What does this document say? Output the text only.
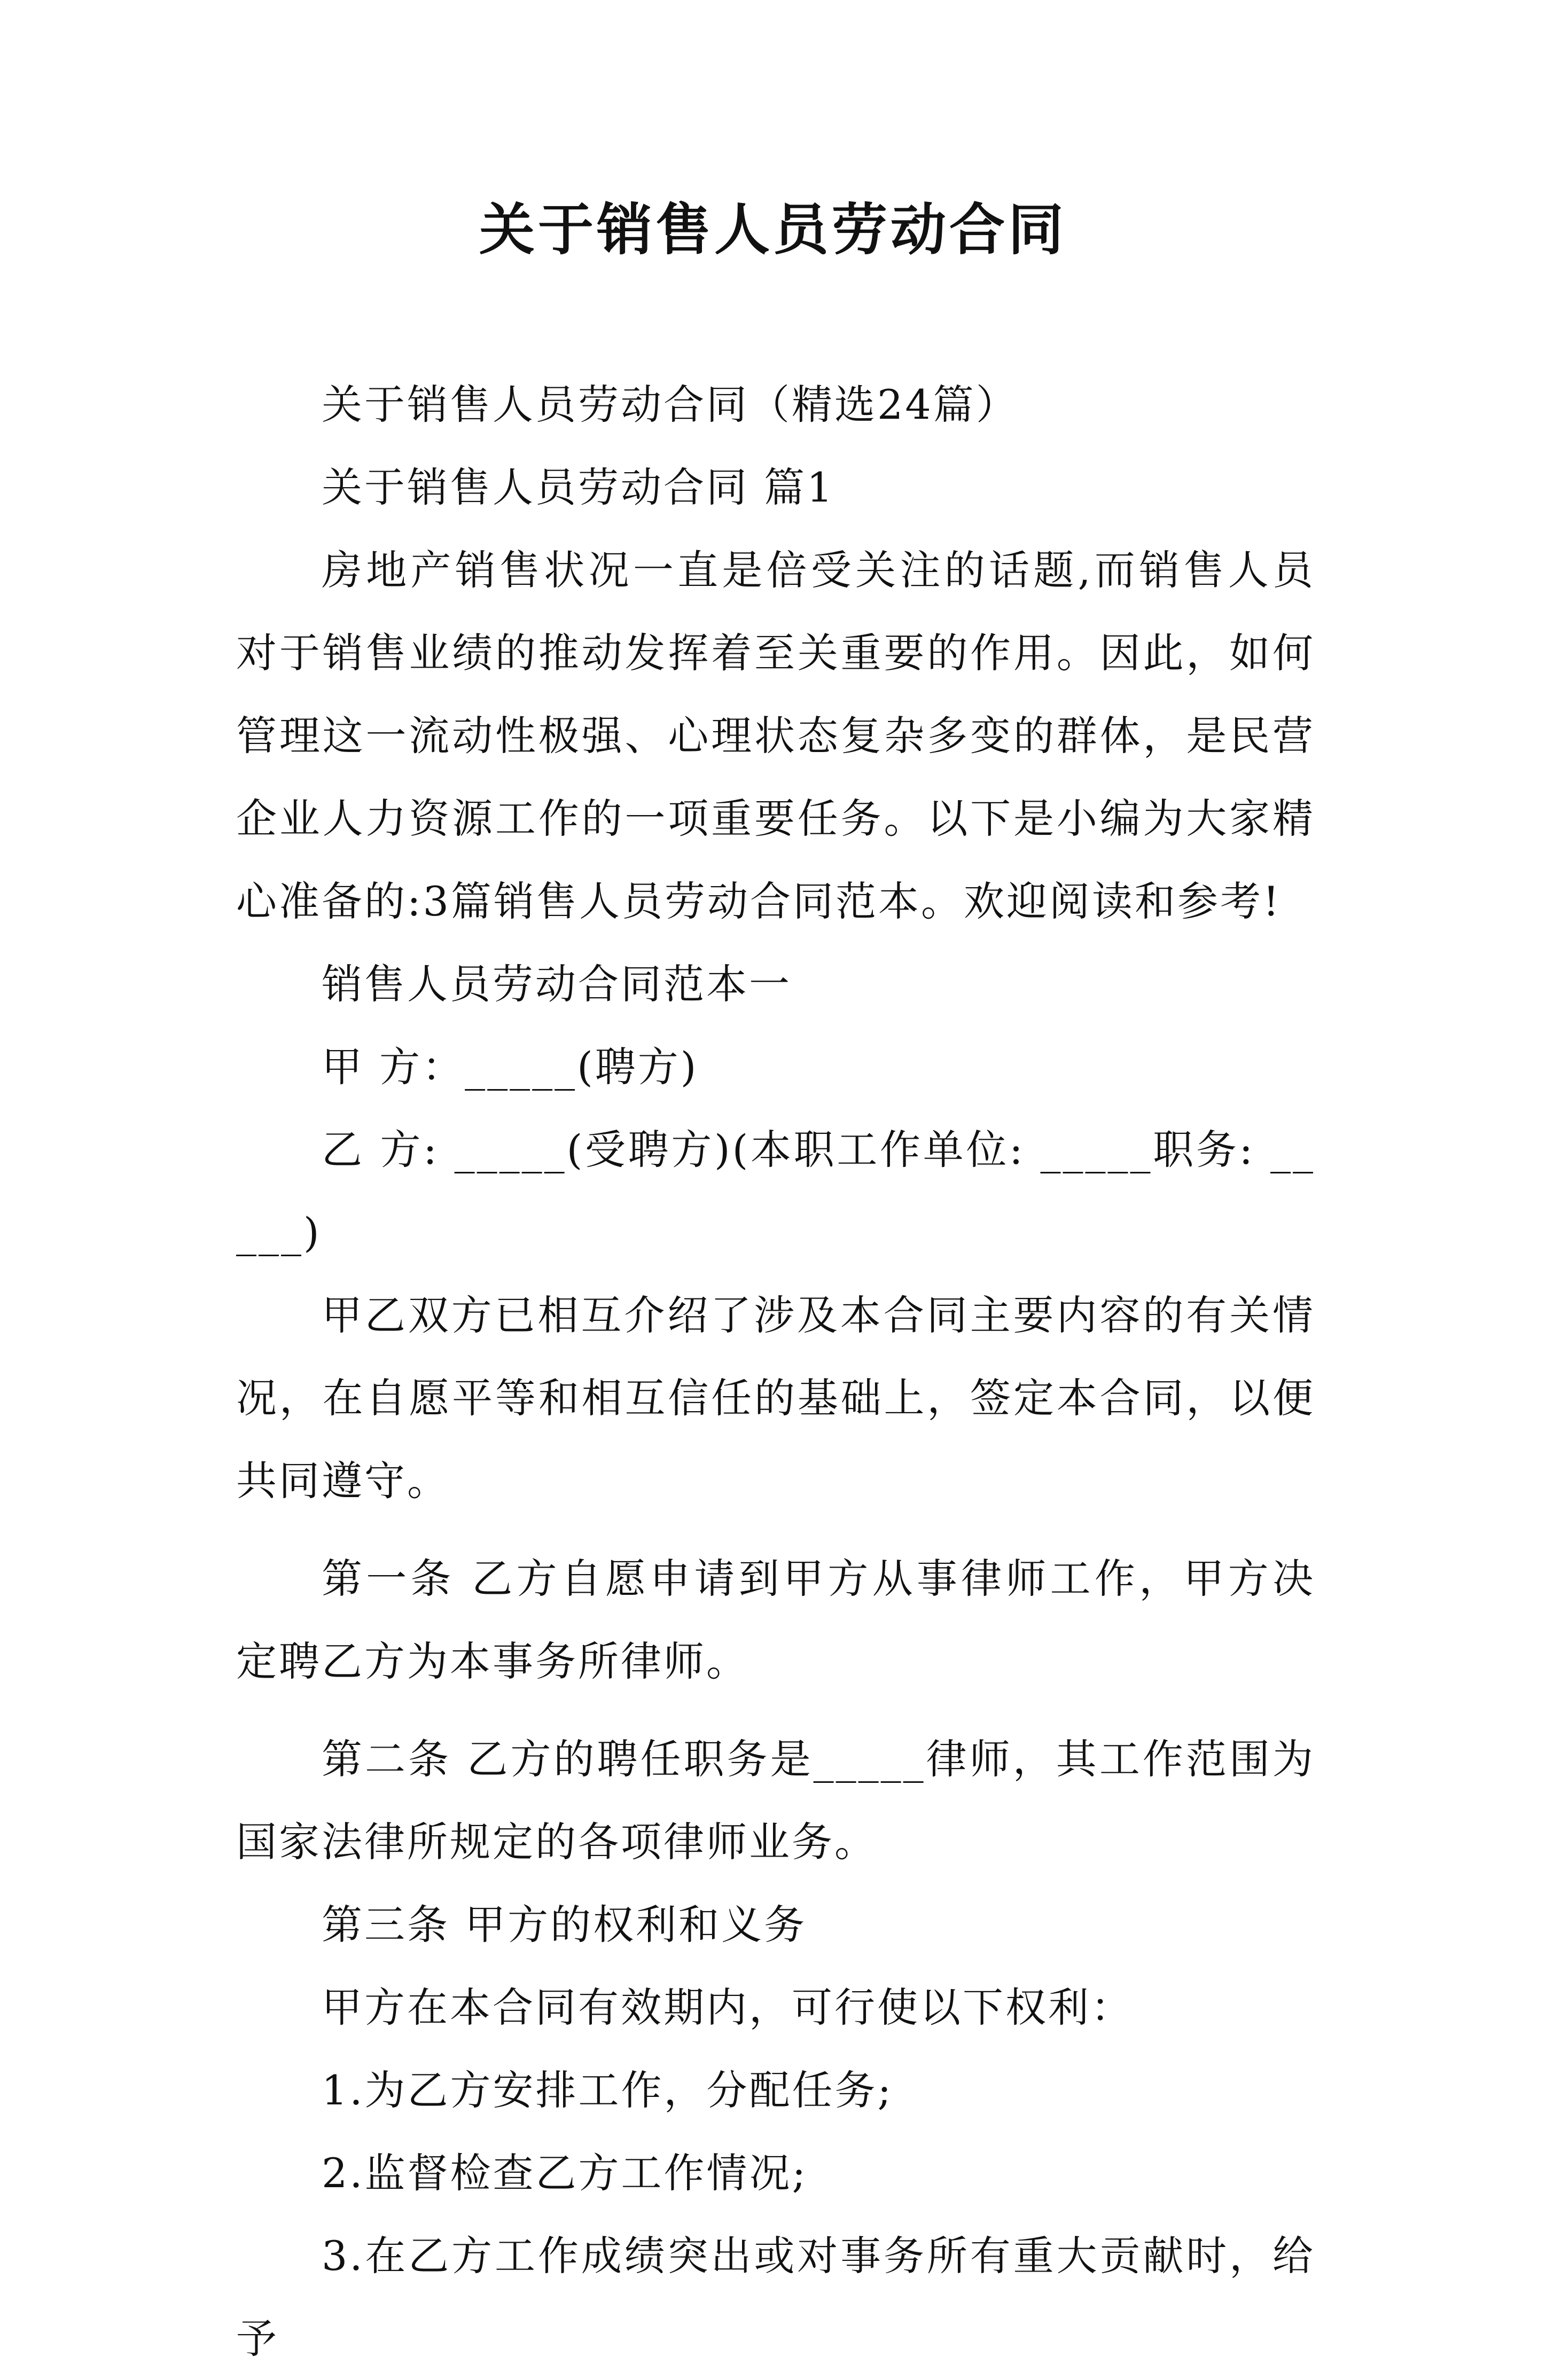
关于销售人员劳动合同

关于销售人员劳动合同（精选24篇）

关于销售人员劳动合同 篇1

房地产销售状况一直是倍受关注的话题,而销售人员对于销售业绩的推动发挥着至关重要的作用。因此，如何管理这一流动性极强、心理状态复杂多变的群体，是民营企业人力资源工作的一项重要任务。以下是小编为大家精心准备的:3篇销售人员劳动合同范本。欢迎阅读和参考!

销售人员劳动合同范本一

甲 方：_____(聘方)

乙 方: _____(受聘方)(本职工作单位: _____职务: _____)

甲乙双方已相互介绍了涉及本合同主要内容的有关情况，在自愿平等和相互信任的基础上，签定本合同，以便共同遵守。

第一条 乙方自愿申请到甲方从事律师工作，甲方决定聘乙方为本事务所律师。

第二条 乙方的聘任职务是_____律师，其工作范围为国家法律所规定的各项律师业务。

第三条 甲方的权利和义务

甲方在本合同有效期内，可行使以下权利：

1.为乙方安排工作，分配任务;

2.监督检查乙方工作情况;

3.在乙方工作成绩突出或对事务所有重大贡献时，给予
